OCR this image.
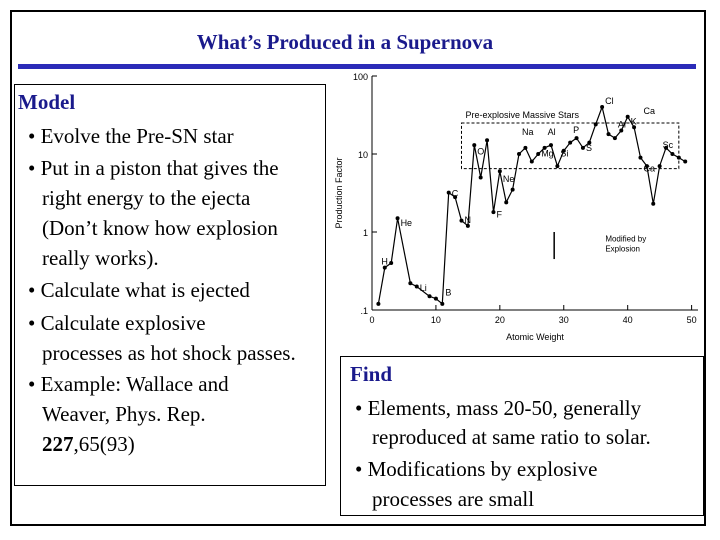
What’s Produced in a Supernova
Model
• Evolve the Pre-SN star
• Put in a piston that gives the
right energy to the ejecta
(Don’t know how explosion
really works).
• Calculate what is ejected
• Calculate explosive
processes as hot shock passes.
• Example: Wallace and
Weaver, Phys. Rep.
227,65(93)
100
10
1
.1
0	10	20	30	40	50
Atomic Weight
Production Factor
Pre-explosive Massive Stars
H
He
Li B
C
N
O
F
Ne
Na
Mg
Al
Si
P
S
Cl
Ar K
Ca
Sc
Ca
Modified by
Explosion
Find
• Elements, mass 20-50, generally
reproduced at same ratio to solar.
• Modifications by explosive
processes are small
